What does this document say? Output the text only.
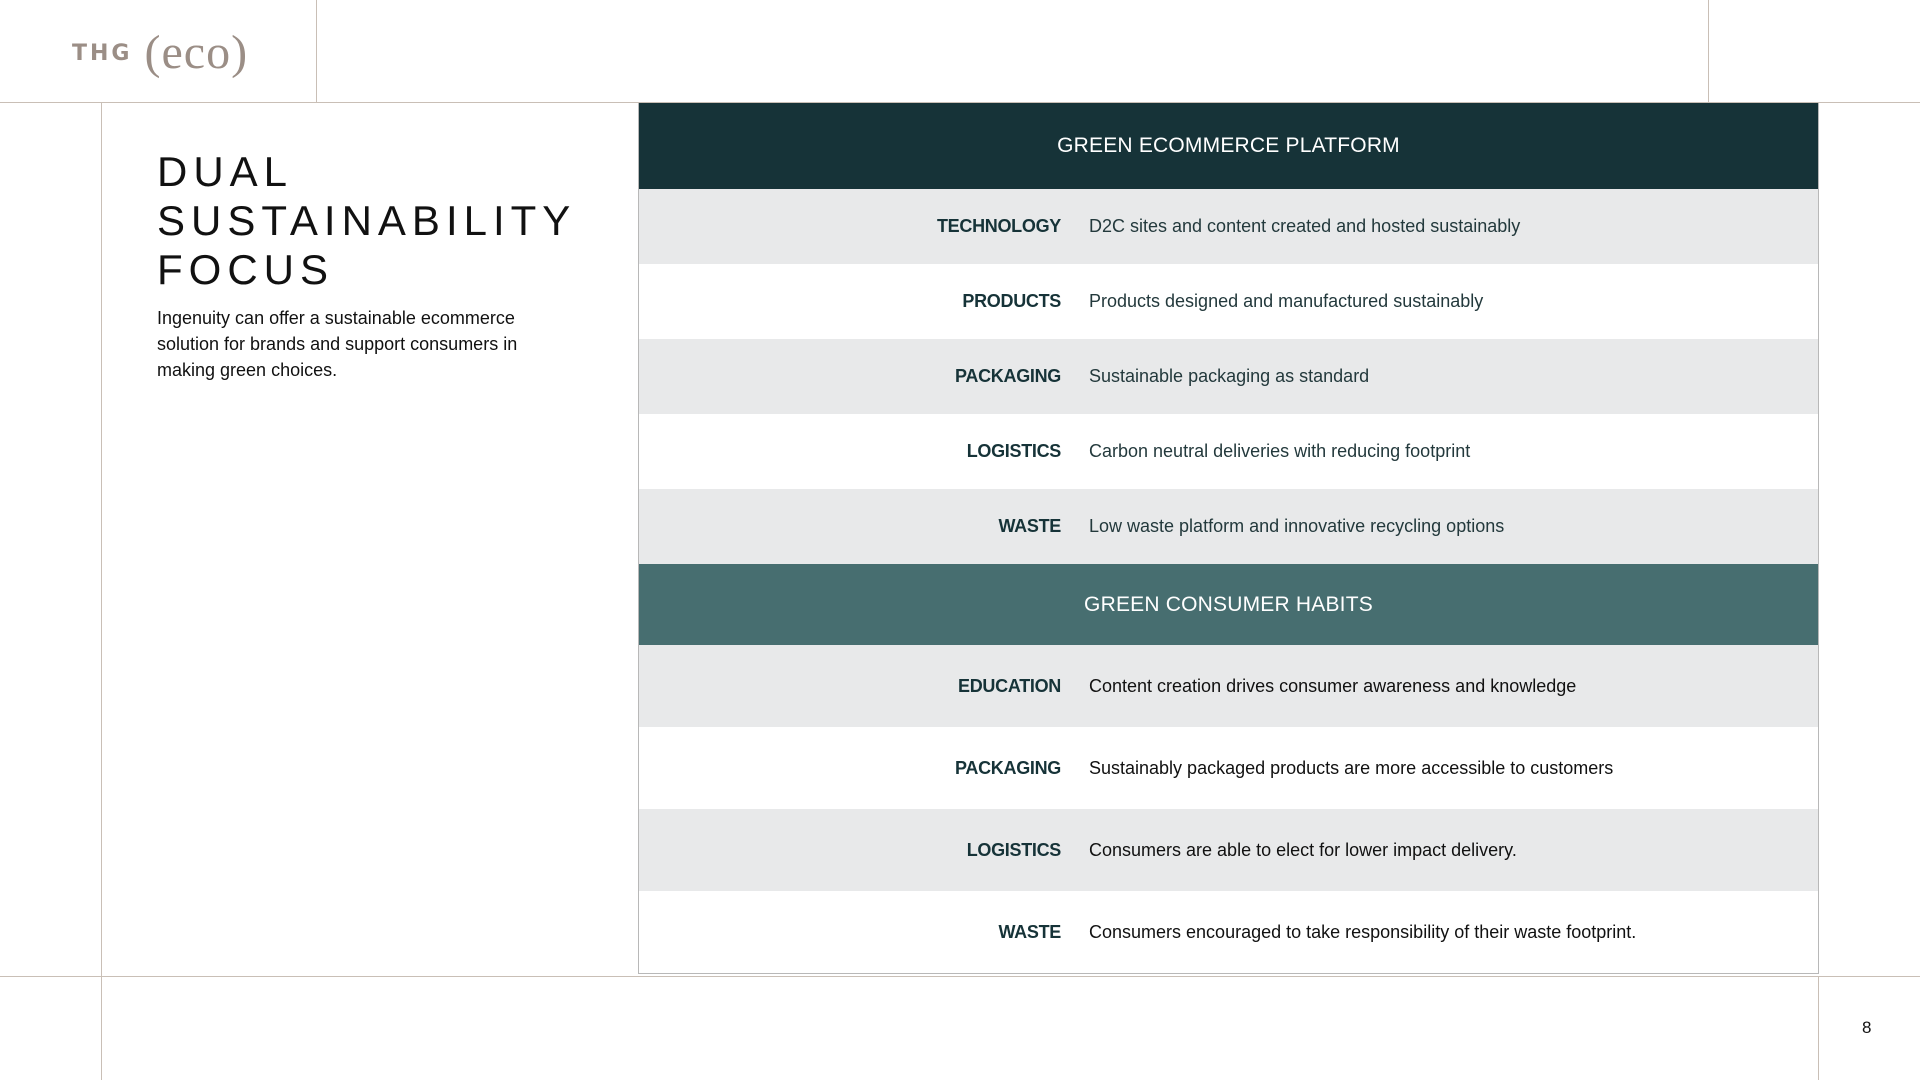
THG (eco)
DUAL
SUSTAINABILITY
FOCUS

Ingenuity can offer a sustainable ecommerce solution for brands and support consumers in making green choices.

GREEN ECOMMERCE PLATFORM
TECHNOLOGY	D2C sites and content created and hosted sustainably
PRODUCTS	Products designed and manufactured sustainably
PACKAGING	Sustainable packaging as standard
LOGISTICS	Carbon neutral deliveries with reducing footprint
WASTE	Low waste platform and innovative recycling options
GREEN CONSUMER HABITS
EDUCATION	Content creation drives consumer awareness and knowledge
PACKAGING	Sustainably packaged products are more accessible to customers
LOGISTICS	Consumers are able to elect for lower impact delivery.
WASTE	Consumers encouraged to take responsibility of their waste footprint.
8
